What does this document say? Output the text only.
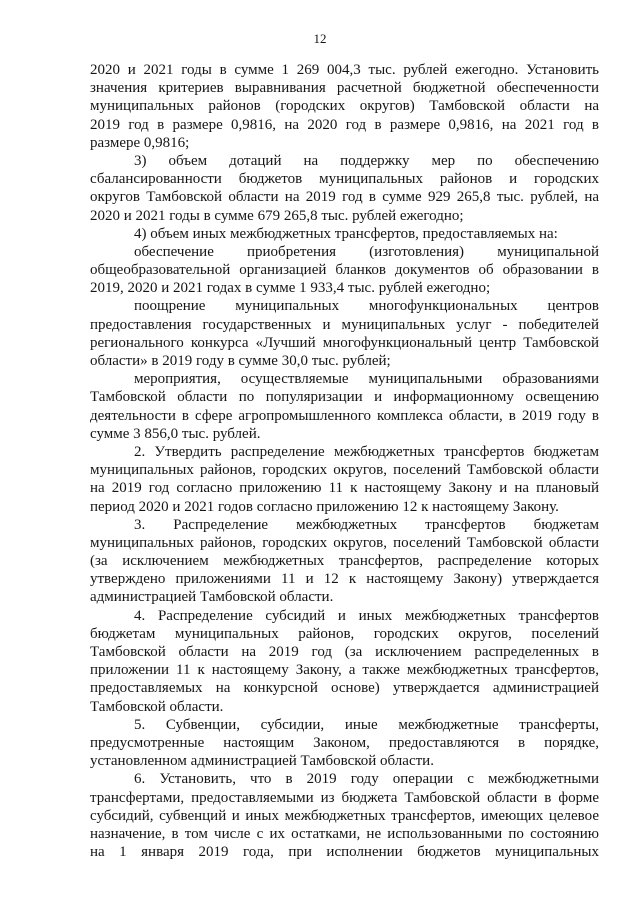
12
2020 и 2021 годы в сумме 1 269 004,3 тыс. рублей ежегодно. Установить
значения критериев выравнивания расчетной бюджетной обеспеченности
муниципальных районов (городских округов) Тамбовской области на
2019 год в размере 0,9816, на 2020 год в размере 0,9816, на 2021 год в
размере 0,9816;
3) объем дотаций на поддержку мер по обеспечению
сбалансированности бюджетов муниципальных районов и городских
округов Тамбовской области на 2019 год в сумме 929 265,8 тыс. рублей, на
2020 и 2021 годы в сумме 679 265,8 тыс. рублей ежегодно;
4) объем иных межбюджетных трансфертов, предоставляемых на:
обеспечение приобретения (изготовления) муниципальной
общеобразовательной организацией бланков документов об образовании в
2019, 2020 и 2021 годах в сумме 1 933,4 тыс. рублей ежегодно;
поощрение муниципальных многофункциональных центров
предоставления государственных и муниципальных услуг - победителей
регионального конкурса «Лучший многофункциональный центр Тамбовской
области» в 2019 году в сумме 30,0 тыс. рублей;
мероприятия, осуществляемые муниципальными образованиями
Тамбовской области по популяризации и информационному освещению
деятельности в сфере агропромышленного комплекса области, в 2019 году в
сумме 3 856,0 тыс. рублей.
2. Утвердить распределение межбюджетных трансфертов бюджетам
муниципальных районов, городских округов, поселений Тамбовской области
на 2019 год согласно приложению 11 к настоящему Закону и на плановый
период 2020 и 2021 годов согласно приложению 12 к настоящему Закону.
3. Распределение межбюджетных трансфертов бюджетам
муниципальных районов, городских округов, поселений Тамбовской области
(за исключением межбюджетных трансфертов, распределение которых
утверждено приложениями 11 и 12 к настоящему Закону) утверждается
администрацией Тамбовской области.
4. Распределение субсидий и иных межбюджетных трансфертов
бюджетам муниципальных районов, городских округов, поселений
Тамбовской области на 2019 год (за исключением распределенных в
приложении 11 к настоящему Закону, а также межбюджетных трансфертов,
предоставляемых на конкурсной основе) утверждается администрацией
Тамбовской области.
5. Субвенции, субсидии, иные межбюджетные трансферты,
предусмотренные настоящим Законом, предоставляются в порядке,
установленном администрацией Тамбовской области.
6. Установить, что в 2019 году операции с межбюджетными
трансфертами, предоставляемыми из бюджета Тамбовской области в форме
субсидий, субвенций и иных межбюджетных трансфертов, имеющих целевое
назначение, в том числе с их остатками, не использованными по состоянию
на 1 января 2019 года, при исполнении бюджетов муниципальных
